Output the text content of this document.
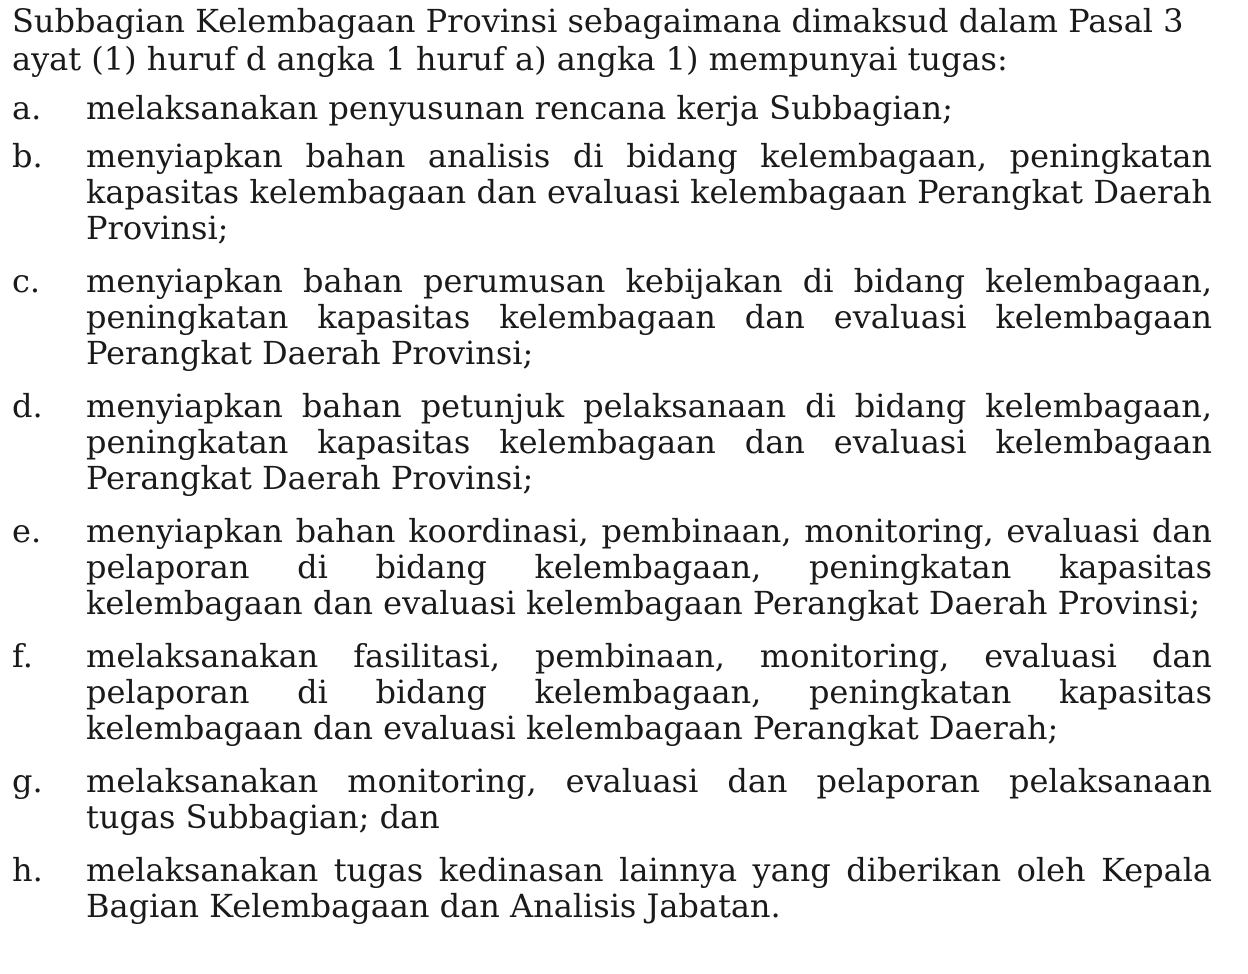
Subbagian Kelembagaan Provinsi sebagaimana dimaksud dalam Pasal 3 ayat (1) huruf d angka 1 huruf a) angka 1) mempunyai tugas:

a.	melaksanakan penyusunan rencana kerja Subbagian;
b.	menyiapkan bahan analisis di bidang kelembagaan, peningkatan kapasitas kelembagaan dan evaluasi kelembagaan Perangkat Daerah Provinsi;
c.	menyiapkan bahan perumusan kebijakan di bidang kelembagaan, peningkatan kapasitas kelembagaan dan evaluasi kelembagaan Perangkat Daerah Provinsi;
d.	menyiapkan bahan petunjuk pelaksanaan di bidang kelembagaan, peningkatan kapasitas kelembagaan dan evaluasi kelembagaan Perangkat Daerah Provinsi;
e.	menyiapkan bahan koordinasi, pembinaan, monitoring, evaluasi dan pelaporan di bidang kelembagaan, peningkatan kapasitas kelembagaan dan evaluasi kelembagaan Perangkat Daerah Provinsi;
f.	melaksanakan fasilitasi, pembinaan, monitoring, evaluasi dan pelaporan di bidang kelembagaan, peningkatan kapasitas kelembagaan dan evaluasi kelembagaan Perangkat Daerah;
g.	melaksanakan monitoring, evaluasi dan pelaporan pelaksanaan tugas Subbagian; dan
h.	melaksanakan tugas kedinasan lainnya yang diberikan oleh Kepala Bagian Kelembagaan dan Analisis Jabatan.
